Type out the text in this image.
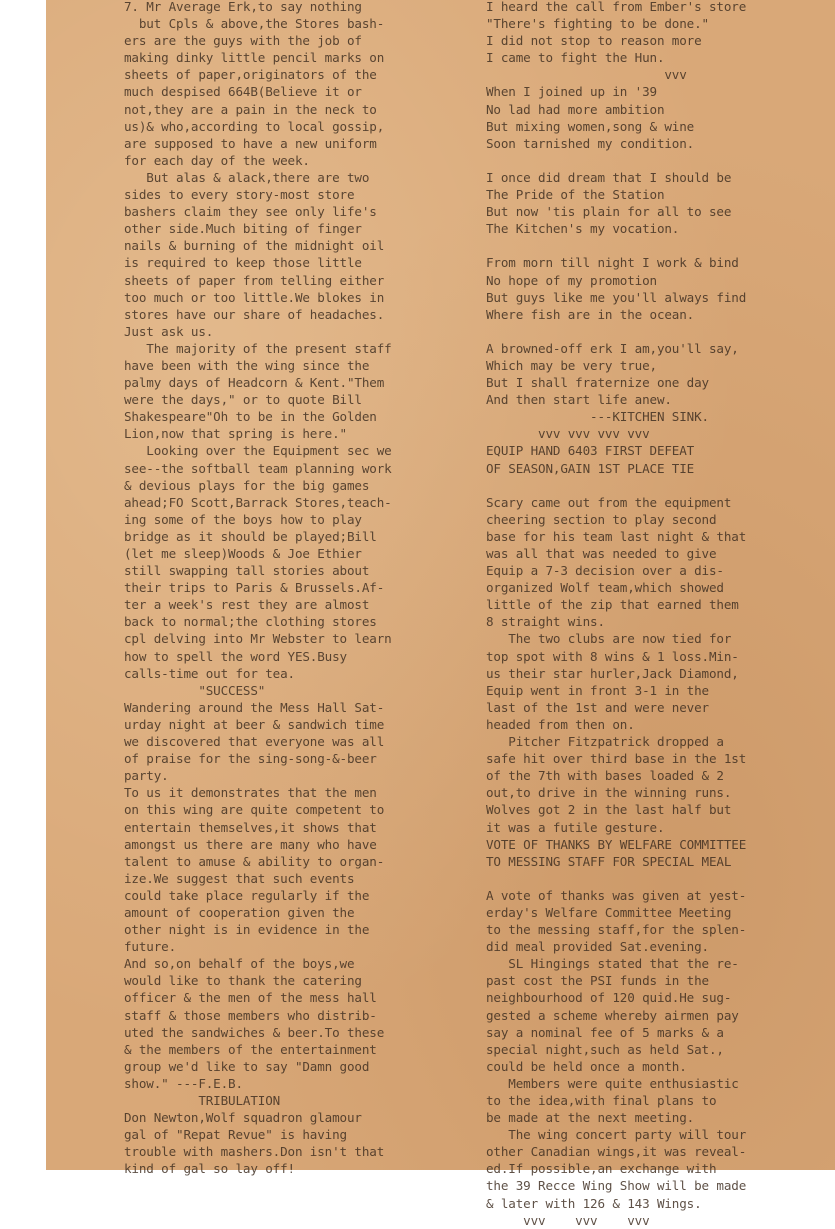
7. Mr Average Erk,to say nothing
but Cpls & above,the Stores bash-
ers are the guys with the job of
making dinky little pencil marks on
sheets of paper,originators of the
much despised 664B(Believe it or
not,they are a pain in the neck to
us)& who,according to local gossip,
are supposed to have a new uniform
for each day of the week.
But alas & alack,there are two
sides to every story-most store
bashers claim they see only life's
other side.Much biting of finger
nails & burning of the midnight oil
is required to keep those little
sheets of paper from telling either
too much or too little.We blokes in
stores have our share of headaches.
Just ask us.
The majority of the present staff
have been with the wing since the
palmy days of Headcorn & Kent."Them
were the days," or to quote Bill
Shakespeare"Oh to be in the Golden
Lion,now that spring is here."
Looking over the Equipment sec we
see--the softball team planning work
& devious plays for the big games
ahead;FO Scott,Barrack Stores,teach-
ing some of the boys how to play
bridge as it should be played;Bill
(let me sleep)Woods & Joe Ethier
still swapping tall stories about
their trips to Paris & Brussels.Af-
ter a week's rest they are almost
back to normal;the clothing stores
cpl delving into Mr Webster to learn
how to spell the word YES.Busy
calls-time out for tea.
"SUCCESS"
Wandering around the Mess Hall Sat-
urday night at beer & sandwich time
we discovered that everyone was all
of praise for the sing-song-&-beer
party.
To us it demonstrates that the men
on this wing are quite competent to
entertain themselves,it shows that
amongst us there are many who have
talent to amuse & ability to organ-
ize.We suggest that such events
could take place regularly if the
amount of cooperation given the
other night is in evidence in the
future.
And so,on behalf of the boys,we
would like to thank the catering
officer & the men of the mess hall
staff & those members who distrib-
uted the sandwiches & beer.To these
& the members of the entertainment
group we'd like to say "Damn good
show." ---F.E.B.
TRIBULATION
Don Newton,Wolf squadron glamour
gal of "Repat Revue" is having
trouble with mashers.Don isn't that
kind of gal so lay off!
I heard the call from Ember's store
"There's fighting to be done."
I did not stop to reason more
I came to fight the Hun.
vvv
When I joined up in '39
No lad had more ambition
But mixing women,song & wine
Soon tarnished my condition.

I once did dream that I should be
The Pride of the Station
But now 'tis plain for all to see
The Kitchen's my vocation.

From morn till night I work & bind
No hope of my promotion
But guys like me you'll always find
Where fish are in the ocean.

A browned-off erk I am,you'll say,
Which may be very true,
But I shall fraternize one day
And then start life anew.
---KITCHEN SINK.
vvv vvv vvv vvv
EQUIP HAND 6403 FIRST DEFEAT
OF SEASON,GAIN 1ST PLACE TIE

Scary came out from the equipment
cheering section to play second
base for his team last night & that
was all that was needed to give
Equip a 7-3 decision over a dis-
organized Wolf team,which showed
little of the zip that earned them
8 straight wins.
The two clubs are now tied for
top spot with 8 wins & 1 loss.Min-
us their star hurler,Jack Diamond,
Equip went in front 3-1 in the
last of the 1st and were never
headed from then on.
Pitcher Fitzpatrick dropped a
safe hit over third base in the 1st
of the 7th with bases loaded & 2
out,to drive in the winning runs.
Wolves got 2 in the last half but
it was a futile gesture.
VOTE OF THANKS BY WELFARE COMMITTEE
TO MESSING STAFF FOR SPECIAL MEAL

A vote of thanks was given at yest-
erday's Welfare Committee Meeting
to the messing staff,for the splen-
did meal provided Sat.evening.
SL Hingings stated that the re-
past cost the PSI funds in the
neighbourhood of 120 quid.He sug-
gested a scheme whereby airmen pay
say a nominal fee of 5 marks & a
special night,such as held Sat.,
could be held once a month.
Members were quite enthusiastic
to the idea,with final plans to
be made at the next meeting.
The wing concert party will tour
other Canadian wings,it was reveal-
ed.If possible,an exchange with
the 39 Recce Wing Show will be made
& later with 126 & 143 Wings.
vvv    vvv    vvv
